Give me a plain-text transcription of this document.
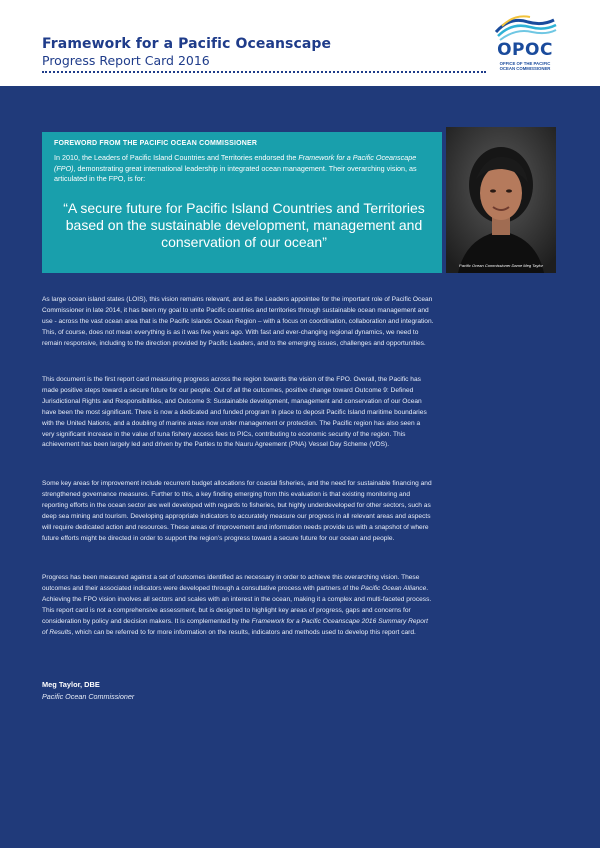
Framework for a Pacific Oceanscape
Progress Report Card 2016
OPOC
OFFICE OF THE PACIFIC
OCEAN COMMISSIONER
FOREWORD FROM THE PACIFIC OCEAN COMMISSIONER
In 2010, the Leaders of Pacific Island Countries and Territories endorsed the Framework for a Pacific Oceanscape (FPO), demonstrating great international leadership in integrated ocean management. Their overarching vision, as articulated in the FPO, is for:
“A secure future for Pacific Island Countries and Territories based on the sustainable development, management and conservation of our ocean”
Pacific Ocean Commissioner Dame Meg Taylor
As large ocean island states (LOIS), this vision remains relevant, and as the Leaders appointee for the important role of Pacific Ocean Commissioner in late 2014, it has been my goal to unite Pacific countries and territories through sustainable ocean management and use - across the vast ocean area that is the Pacific Islands Ocean Region – with a focus on coordination, collaboration and integration. This, of course, does not mean everything is as it was five years ago. With fast and ever-changing regional dynamics, we need to remain responsive, including to the direction provided by Pacific Leaders, and to the emerging issues, challenges and opportunities.
This document is the first report card measuring progress across the region towards the vision of the FPO. Overall, the Pacific has made positive steps toward a secure future for our people. Out of all the outcomes, positive change toward Outcome 9: Defined Jurisdictional Rights and Responsibilities, and Outcome 3: Sustainable development, management and conservation of our Ocean have been the most significant. There is now a dedicated and funded program in place to deposit Pacific Island maritime boundaries with the United Nations, and a doubling of marine areas now under management or protection. The Pacific region has also seen a very significant increase in the value of tuna fishery access fees to PICs, contributing to economic security of the region. This achievement has been largely led and driven by the Parties to the Nauru Agreement (PNA) Vessel Day Scheme (VDS).
Some key areas for improvement include recurrent budget allocations for coastal fisheries, and the need for sustainable financing and strengthened governance measures. Further to this, a key finding emerging from this evaluation is that existing monitoring and reporting efforts in the ocean sector are well developed with regards to fisheries, but highly underdeveloped for other sectors, such as deep sea mining and tourism. Developing appropriate indicators to accurately measure our progress in all relevant areas and aspects will require dedicated action and resources. These areas of improvement and information needs provide us with a snapshot of where future efforts might be directed in order to support the region’s progress toward a secure future for our ocean and people.
Progress has been measured against a set of outcomes identified as necessary in order to achieve this overarching vision. These outcomes and their associated indicators were developed through a consultative process with partners of the Pacific Ocean Alliance. Achieving the FPO vision involves all sectors and scales with an interest in the ocean, making it a complex and multi-faceted process. This report card is not a comprehensive assessment, but is designed to highlight key areas of progress, gaps and concerns for consideration by policy and decision makers. It is complemented by the Framework for a Pacific Oceanscape 2016 Summary Report of Results, which can be referred to for more information on the results, indicators and methods used to develop this report card.
Meg Taylor, DBE
Pacific Ocean Commissioner
